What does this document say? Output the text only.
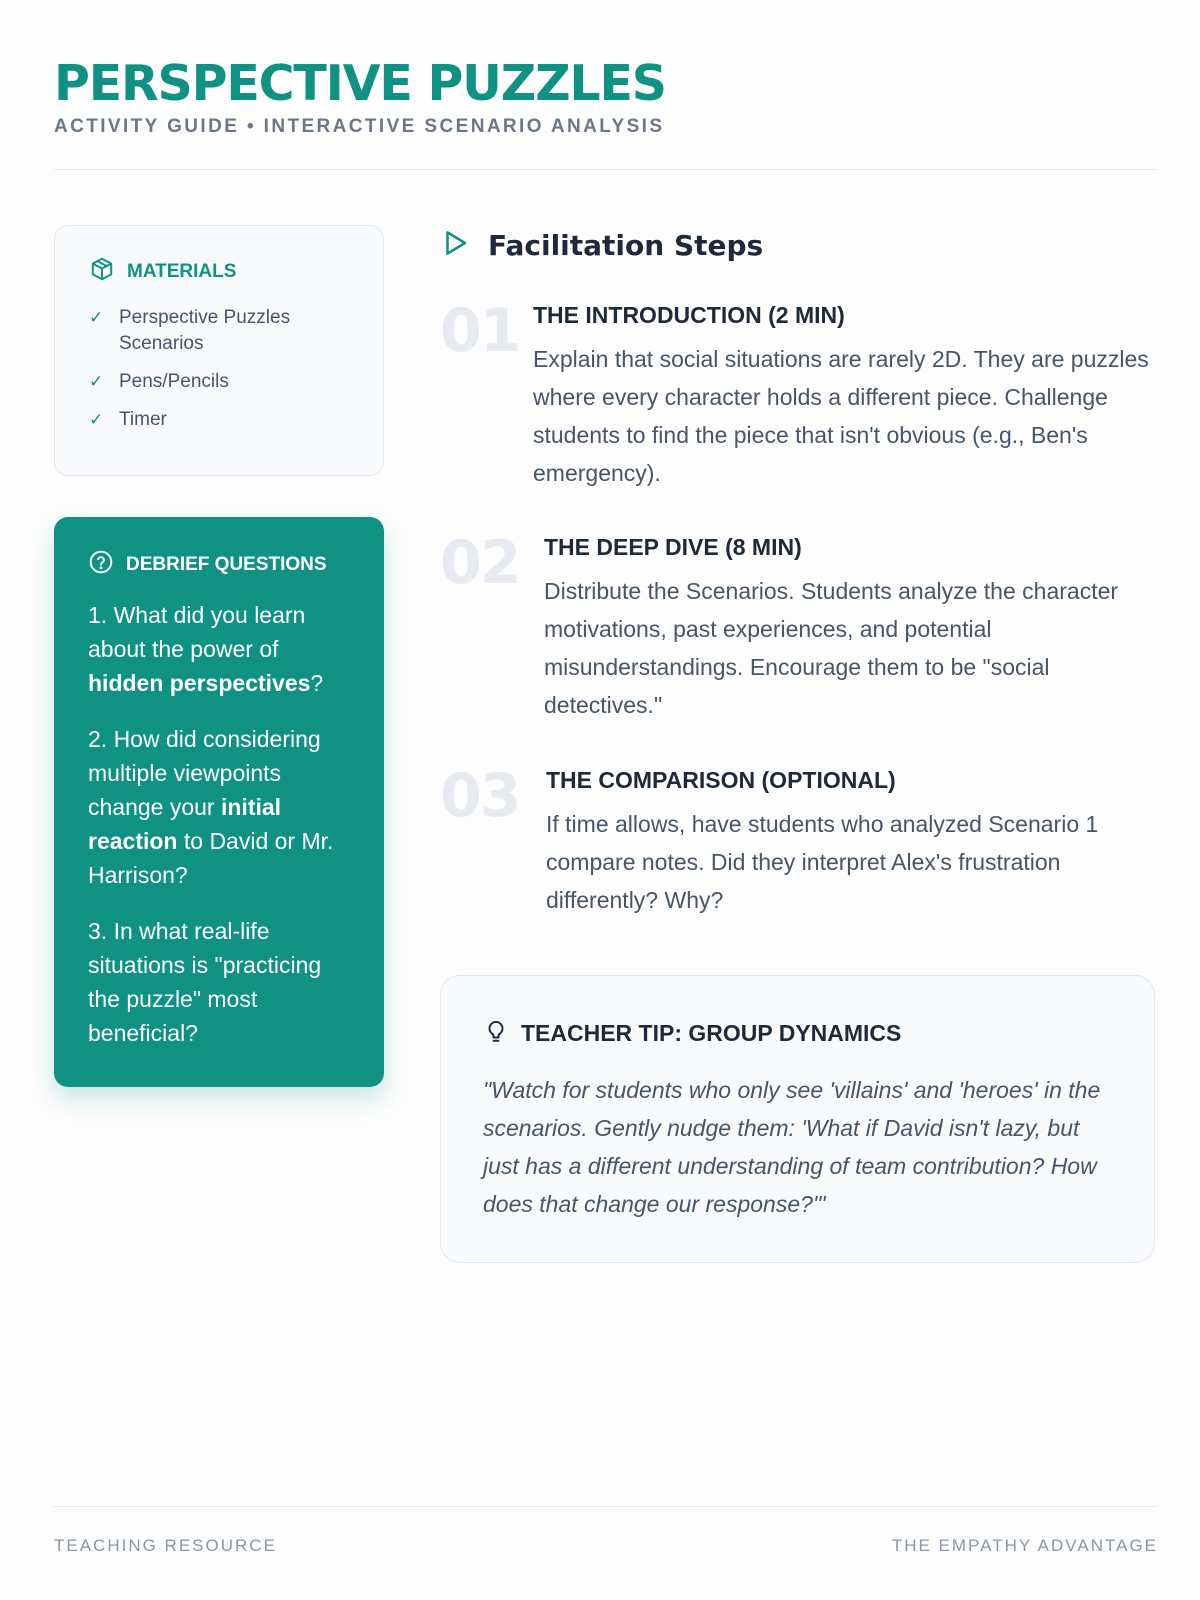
PERSPECTIVE PUZZLES
ACTIVITY GUIDE • INTERACTIVE SCENARIO ANALYSIS
MATERIALS
✓ Perspective Puzzles Scenarios
✓ Pens/Pencils
✓ Timer
DEBRIEF QUESTIONS

1. What did you learn about the power of hidden perspectives?

2. How did considering multiple viewpoints change your initial reaction to David or Mr. Harrison?

3. In what real-life situations is "practicing the puzzle" most beneficial?

Facilitation Steps
01 THE INTRODUCTION (2 MIN)
Explain that social situations are rarely 2D. They are puzzles where every character holds a different piece. Challenge students to find the piece that isn't obvious (e.g., Ben's emergency).
02 THE DEEP DIVE (8 MIN)
Distribute the Scenarios. Students analyze the character motivations, past experiences, and potential misunderstandings. Encourage them to be "social detectives."
03 THE COMPARISON (OPTIONAL)
If time allows, have students who analyzed Scenario 1 compare notes. Did they interpret Alex's frustration differently? Why?
TEACHER TIP: GROUP DYNAMICS

"Watch for students who only see 'villains' and 'heroes' in the scenarios. Gently nudge them: 'What if David isn't lazy, but just has a different understanding of team contribution? How does that change our response?'"

TEACHING RESOURCE	THE EMPATHY ADVANTAGE
